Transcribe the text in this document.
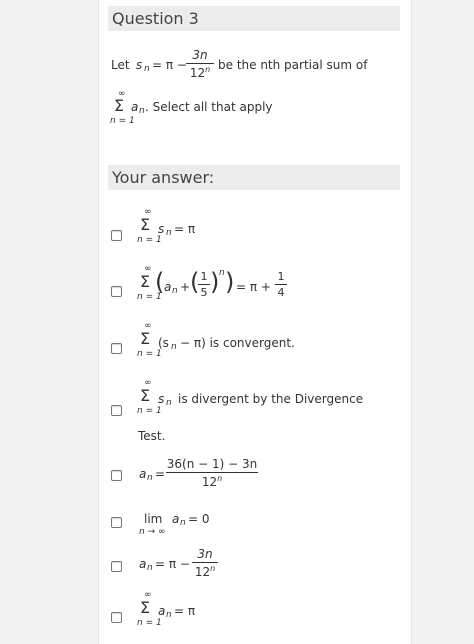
Question 3
Let s n = π −
3n
12$^n$ be the nth partial sum of
∞
Σ
n = 1
a n . Select all that apply
Your answer:
∞
Σ
n = 1
s n = π
∞
Σ
n = 1
( a n + ( 1
5 ) n ) = π +
1
4
∞
Σ
n = 1
(s n − π) is convergent.
∞
Σ
n = 1
s n is divergent by the Divergence
Test.
a n =
36(n − 1) − 3n
12$^n$
lim
n → ∞
a n = 0
a n = π −
3n
12$^n$
∞
Σ
n = 1
a n = π
